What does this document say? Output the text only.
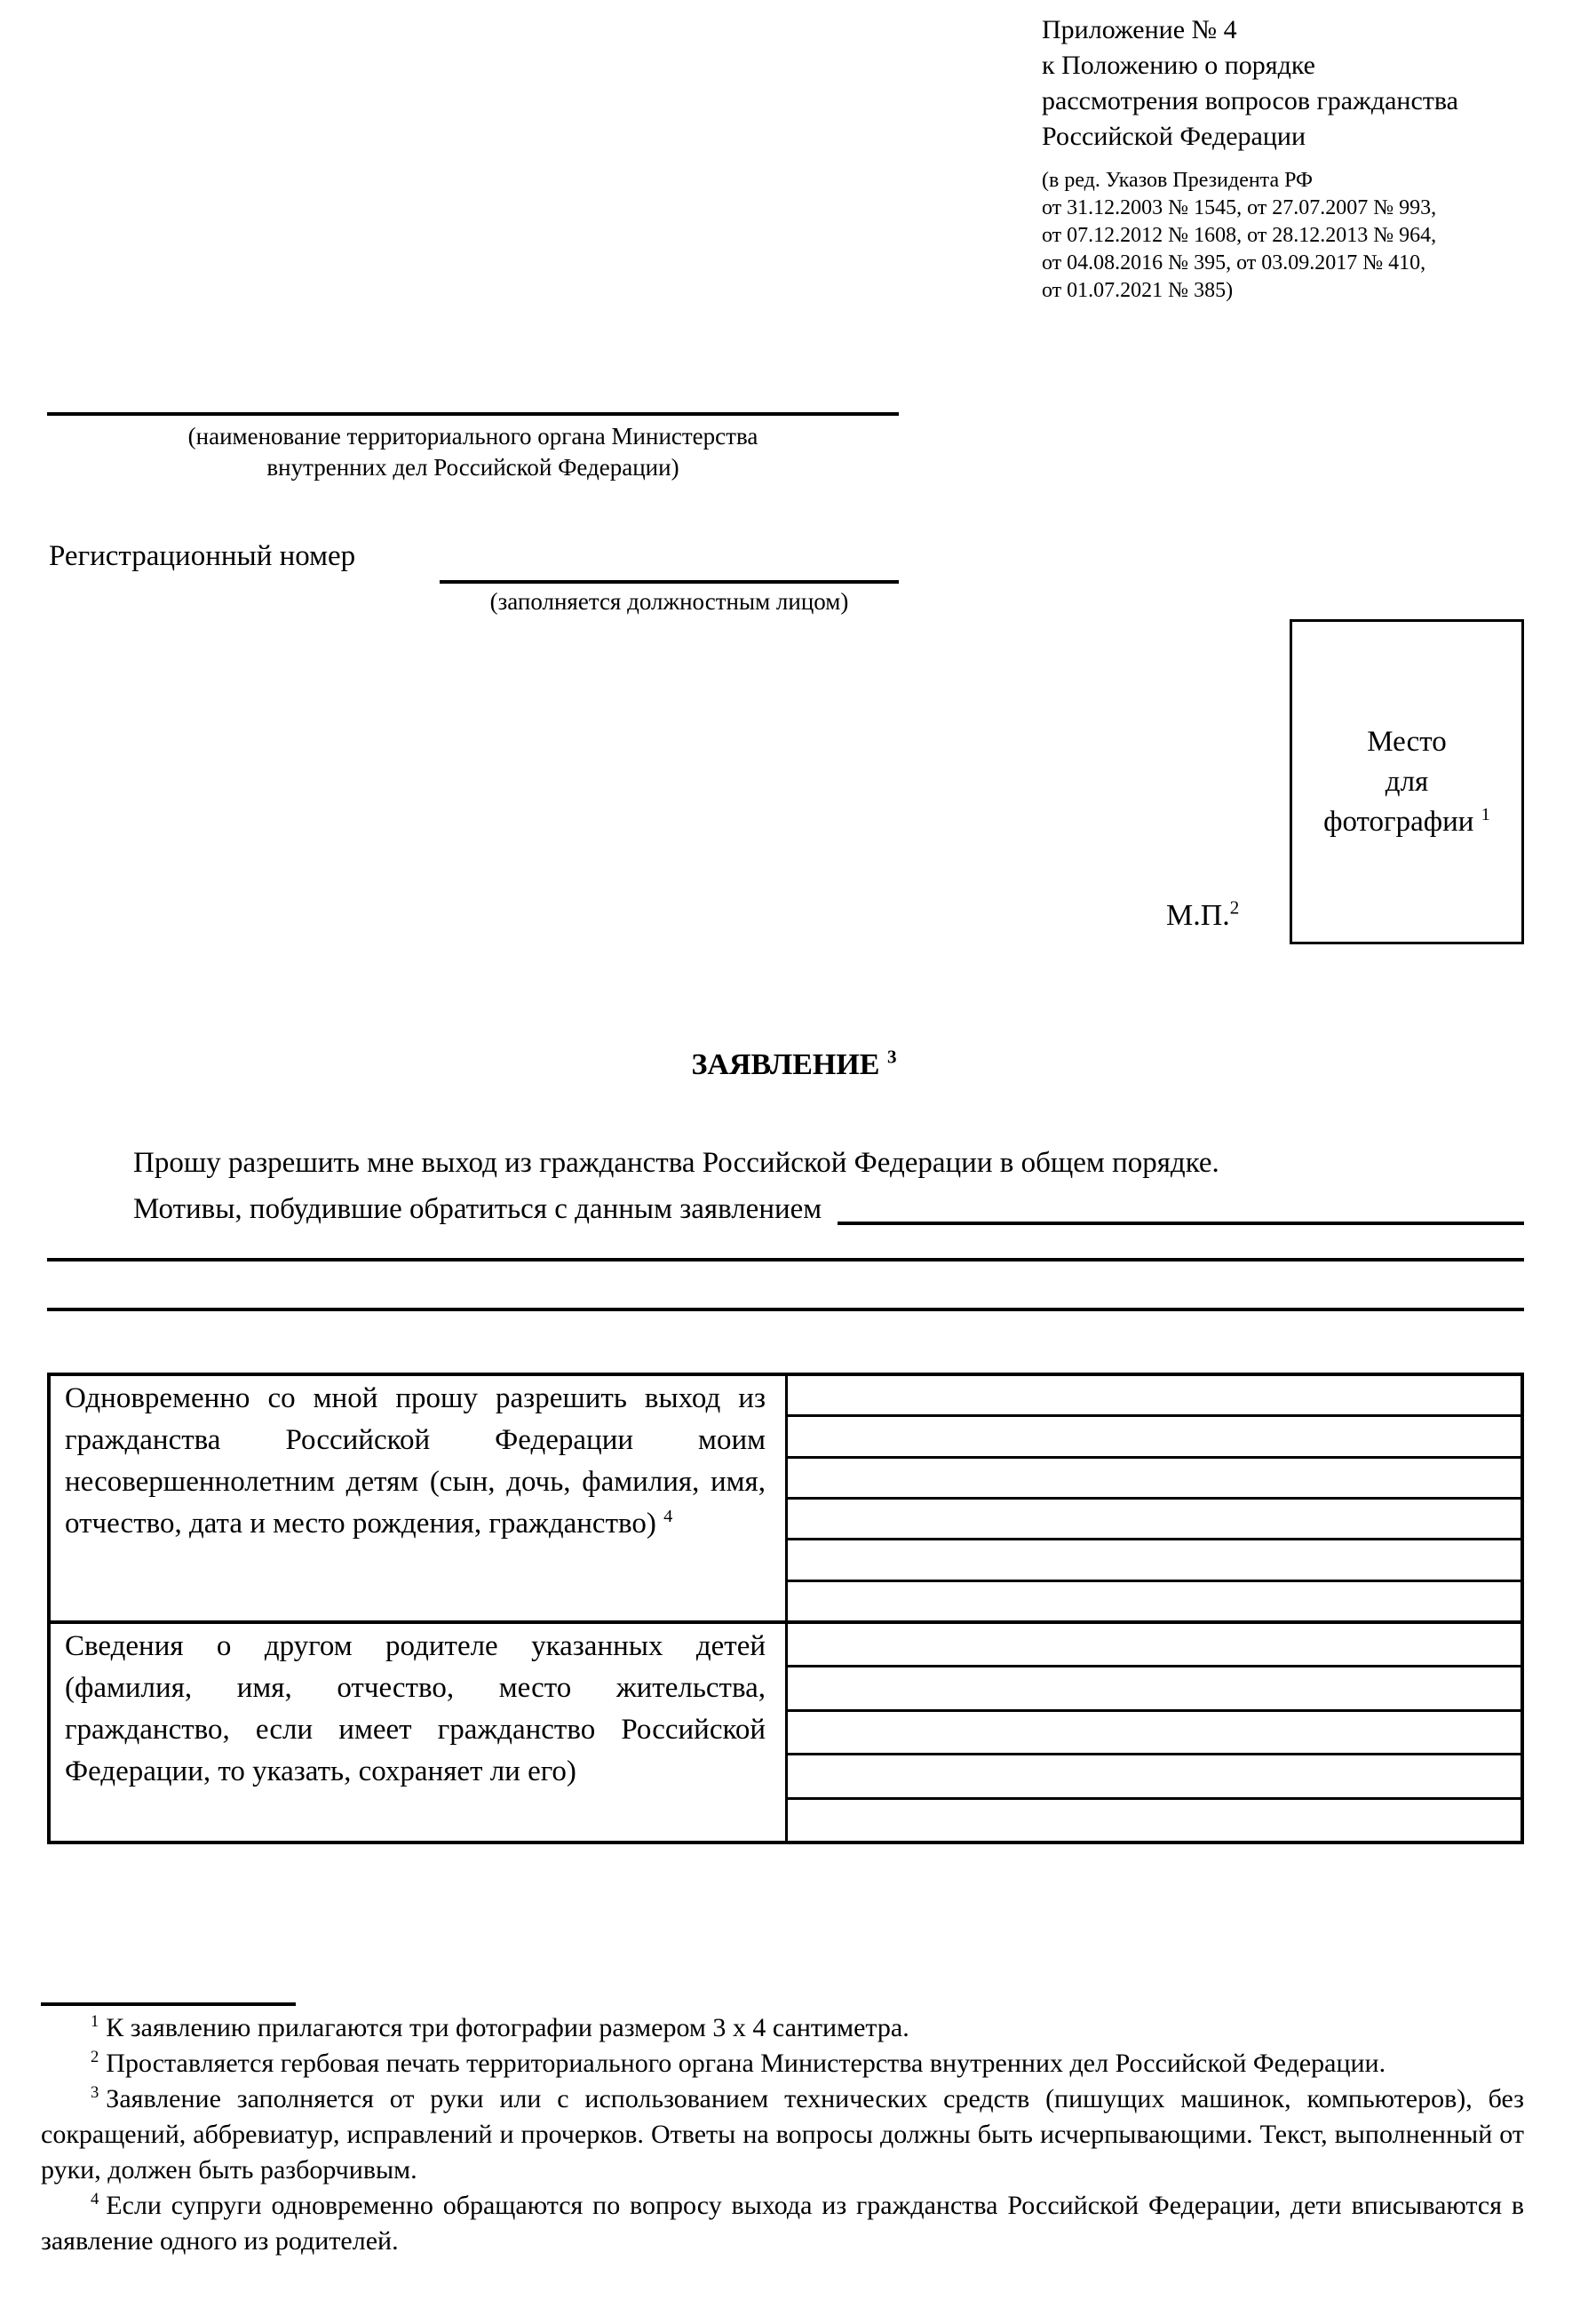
Приложение № 4
к Положению о порядке
рассмотрения вопросов гражданства
Российской Федерации
(в ред. Указов Президента РФ
от 31.12.2003 № 1545, от 27.07.2007 № 993,
от 07.12.2012 № 1608, от 28.12.2013 № 964,
от 04.08.2016 № 395, от 03.09.2017 № 410,
от 01.07.2021 № 385)
(наименование территориального органа Министерства
внутренних дел Российской Федерации)
Регистрационный номер
(заполняется должностным лицом)
Место
для
фотографии $^1$
М.П.$^2$
ЗАЯВЛЕНИЕ $^3$
Прошу разрешить мне выход из гражданства Российской Федерации в общем порядке.
Мотивы, побудившие обратиться с данным заявлением
Одновременно со мной прошу разрешить выход из гражданства Российской Федерации моим несовершеннолетним детям (сын, дочь, фамилия, имя, отчество, дата и место рождения, гражданство) $^4$
Сведения о другом родителе указанных детей (фамилия, имя, отчество, место жительства, гражданство, если имеет гражданство Российской Федерации, то указать, сохраняет ли его)
$^1$ К заявлению прилагаются три фотографии размером 3 x 4 сантиметра.
$^2$ Проставляется гербовая печать территориального органа Министерства внутренних дел Российской Федерации.
$^3$ Заявление заполняется от руки или с использованием технических средств (пишущих машинок, компьютеров), без сокращений, аббревиатур, исправлений и прочерков. Ответы на вопросы должны быть исчерпывающими. Текст, выполненный от руки, должен быть разборчивым.
$^4$ Если супруги одновременно обращаются по вопросу выхода из гражданства Российской Федерации, дети вписываются в заявление одного из родителей.
